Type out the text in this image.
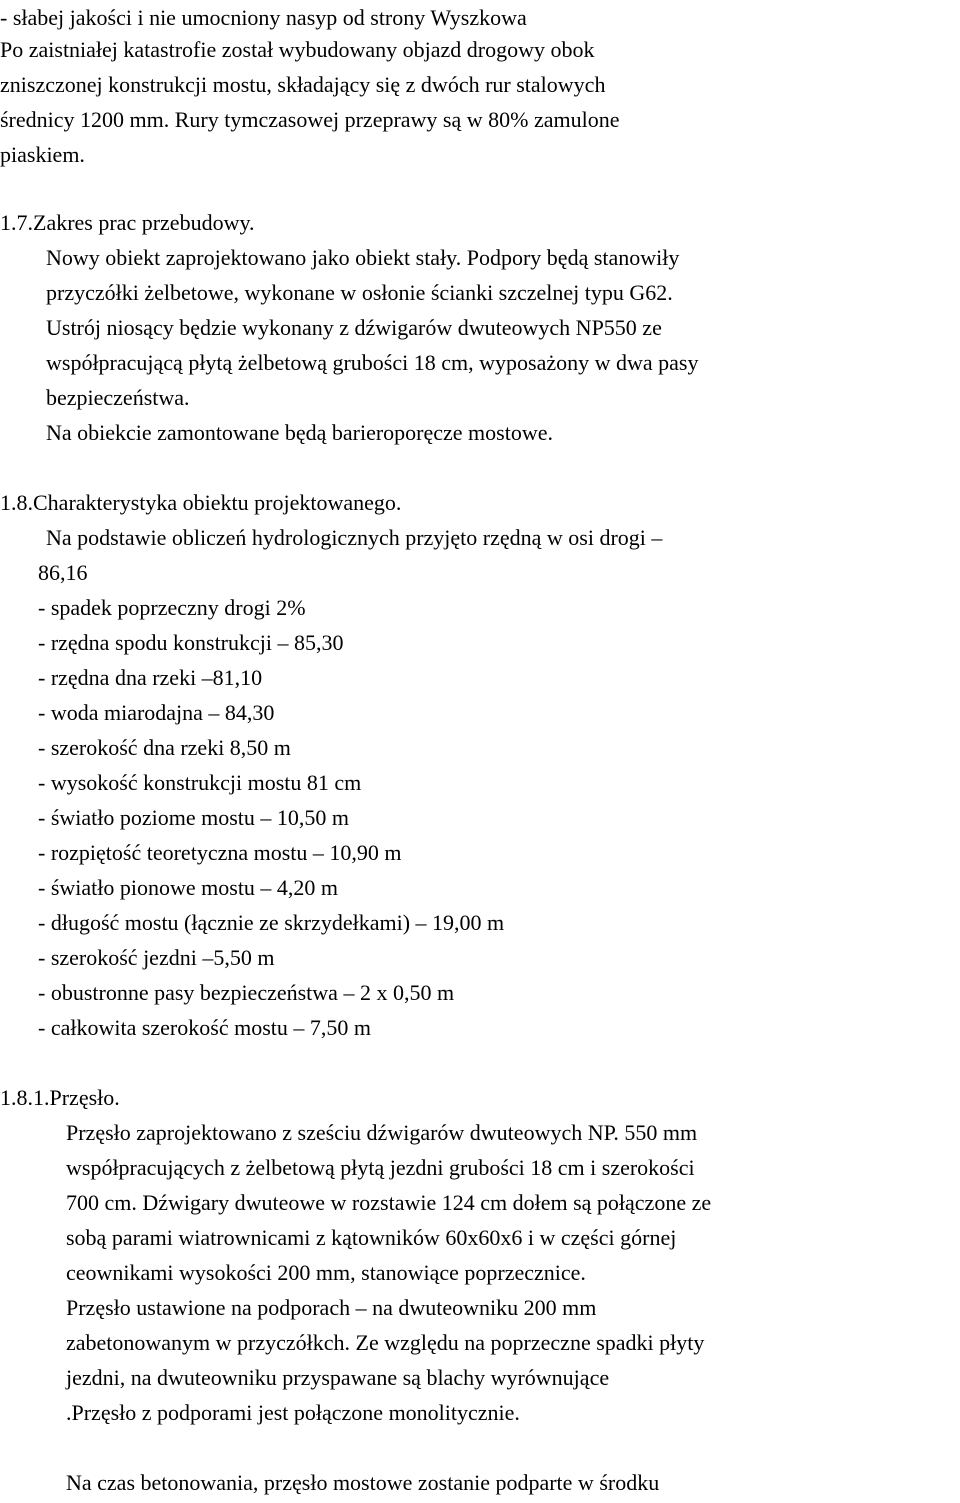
- słabej jakości i nie umocniony nasyp od strony Wyszkowa

Po zaistniałej katastrofie został wybudowany objazd drogowy obok

zniszczonej konstrukcji mostu, składający się z dwóch rur stalowych

średnicy 1200 mm. Rury tymczasowej przeprawy są w 80% zamulone

piaskiem.

1.7.Zakres prac przebudowy.

Nowy obiekt zaprojektowano jako obiekt stały. Podpory będą stanowiły

przyczółki żelbetowe, wykonane w osłonie ścianki szczelnej typu G62.

Ustrój niosący będzie wykonany z dźwigarów dwuteowych NP550 ze

współpracującą płytą żelbetową grubości 18 cm, wyposażony w dwa pasy

bezpieczeństwa.

Na obiekcie zamontowane będą barieroporęcze mostowe.

1.8.Charakterystyka obiektu projektowanego.

Na podstawie obliczeń hydrologicznych przyjęto rzędną w osi drogi –

86,16

- spadek poprzeczny drogi 2%

- rzędna spodu konstrukcji – 85,30

- rzędna dna rzeki –81,10

- woda miarodajna – 84,30

- szerokość dna rzeki 8,50 m

- wysokość konstrukcji mostu 81 cm

- światło poziome mostu – 10,50 m

- rozpiętość teoretyczna mostu – 10,90 m

- światło pionowe mostu – 4,20 m

- długość mostu (łącznie ze skrzydełkami) – 19,00 m

- szerokość jezdni –5,50 m

- obustronne pasy bezpieczeństwa – 2 x 0,50 m

- całkowita szerokość mostu – 7,50 m

1.8.1.Przęsło.

Przęsło zaprojektowano z sześciu dźwigarów dwuteowych NP. 550 mm

współpracujących z żelbetową płytą jezdni grubości 18 cm i szerokości

700 cm. Dźwigary dwuteowe w rozstawie 124 cm dołem są połączone ze

sobą parami wiatrownicami z kątowników 60x60x6 i w części górnej

ceownikami wysokości 200 mm, stanowiące poprzecznice.

Przęsło ustawione na podporach – na dwuteowniku 200 mm

zabetonowanym w przyczółkch. Ze względu na poprzeczne spadki płyty

jezdni, na dwuteowniku przyspawane są blachy wyrównujące

.Przęsło z podporami jest połączone monolitycznie.

Na czas betonowania, przęsło mostowe zostanie podparte w środku
